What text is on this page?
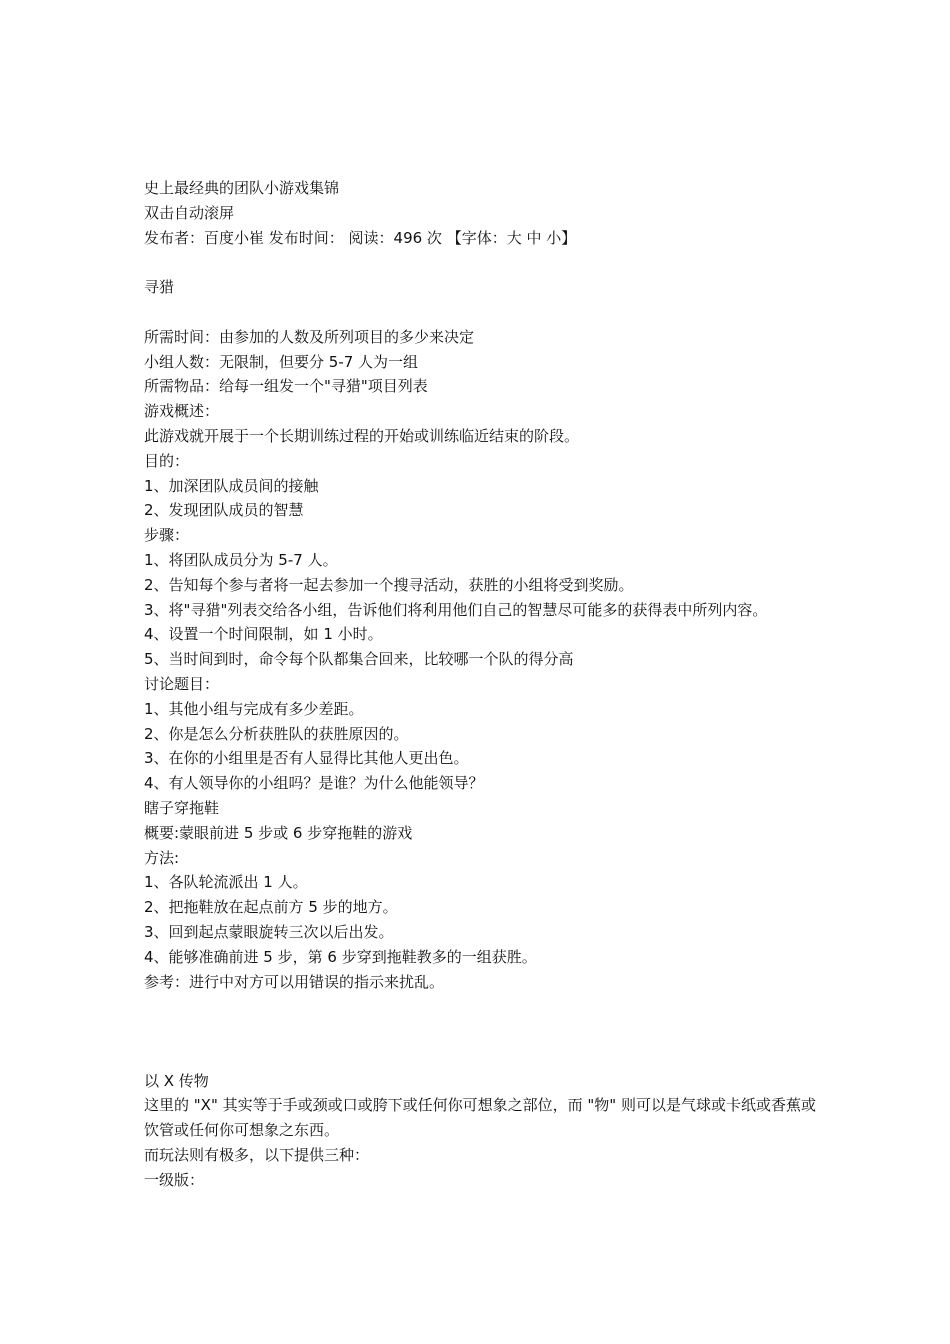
史上最经典的团队小游戏集锦
双击自动滚屏
发布者：百度小崔 发布时间： 阅读：496 次 【字体：大 中 小】
寻猎
所需时间：由参加的人数及所列项目的多少来决定
小组人数：无限制，但要分 5-7 人为一组
所需物品：给每一组发一个"寻猎"项目列表
游戏概述：
此游戏就开展于一个长期训练过程的开始或训练临近结束的阶段。
目的：
1、加深团队成员间的接触
2、发现团队成员的智慧
步骤：
1、将团队成员分为 5-7 人。
2、告知每个参与者将一起去参加一个搜寻活动，获胜的小组将受到奖励。
3、将"寻猎"列表交给各小组，告诉他们将利用他们自己的智慧尽可能多的获得表中所列内容。
4、设置一个时间限制，如 1 小时。
5、当时间到时，命令每个队都集合回来，比较哪一个队的得分高
讨论题目：
1、其他小组与完成有多少差距。
2、你是怎么分析获胜队的获胜原因的。
3、在你的小组里是否有人显得比其他人更出色。
4、有人领导你的小组吗？是谁？为什么他能领导？
瞎子穿拖鞋
概要:蒙眼前进 5 步或 6 步穿拖鞋的游戏
方法:
1、各队轮流派出 1 人。
2、把拖鞋放在起点前方 5 步的地方。
3、回到起点蒙眼旋转三次以后出发。
4、能够准确前进 5 步，第 6 步穿到拖鞋教多的一组获胜。
参考：进行中对方可以用错误的指示来扰乱。
以 X 传物
这里的 "X" 其实等于手或颈或口或胯下或任何你可想象之部位，而 "物" 则可以是气球或卡纸或香蕉或饮管或任何你可想象之东西。
而玩法则有极多，以下提供三种：
一级版：
